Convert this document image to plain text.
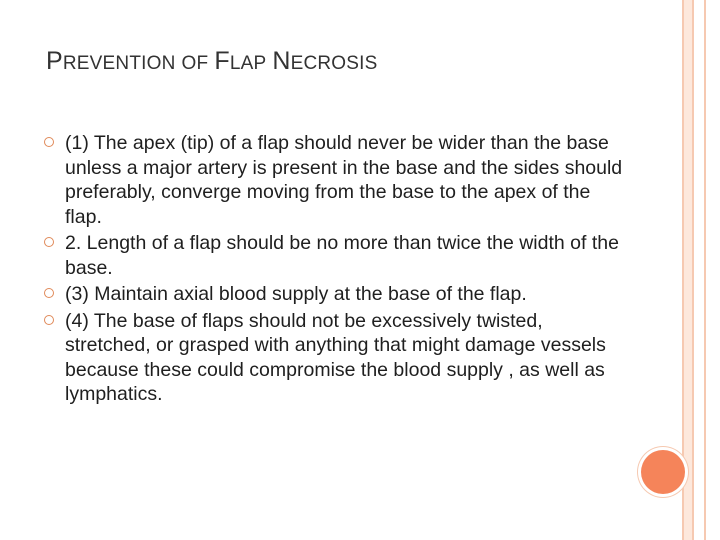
PREVENTION OF FLAP NECROSIS
(1) The apex (tip) of a flap should never be wider than the base unless a major artery is present in the base and the sides should preferably, converge moving from the base to the apex of the flap.
2. Length of a flap should be no more than twice the width of the base.
(3) Maintain axial blood supply at the base of the flap.
(4) The base of flaps should not be excessively twisted, stretched, or grasped with anything that might damage vessels because these could compromise the blood supply , as well as lymphatics.
